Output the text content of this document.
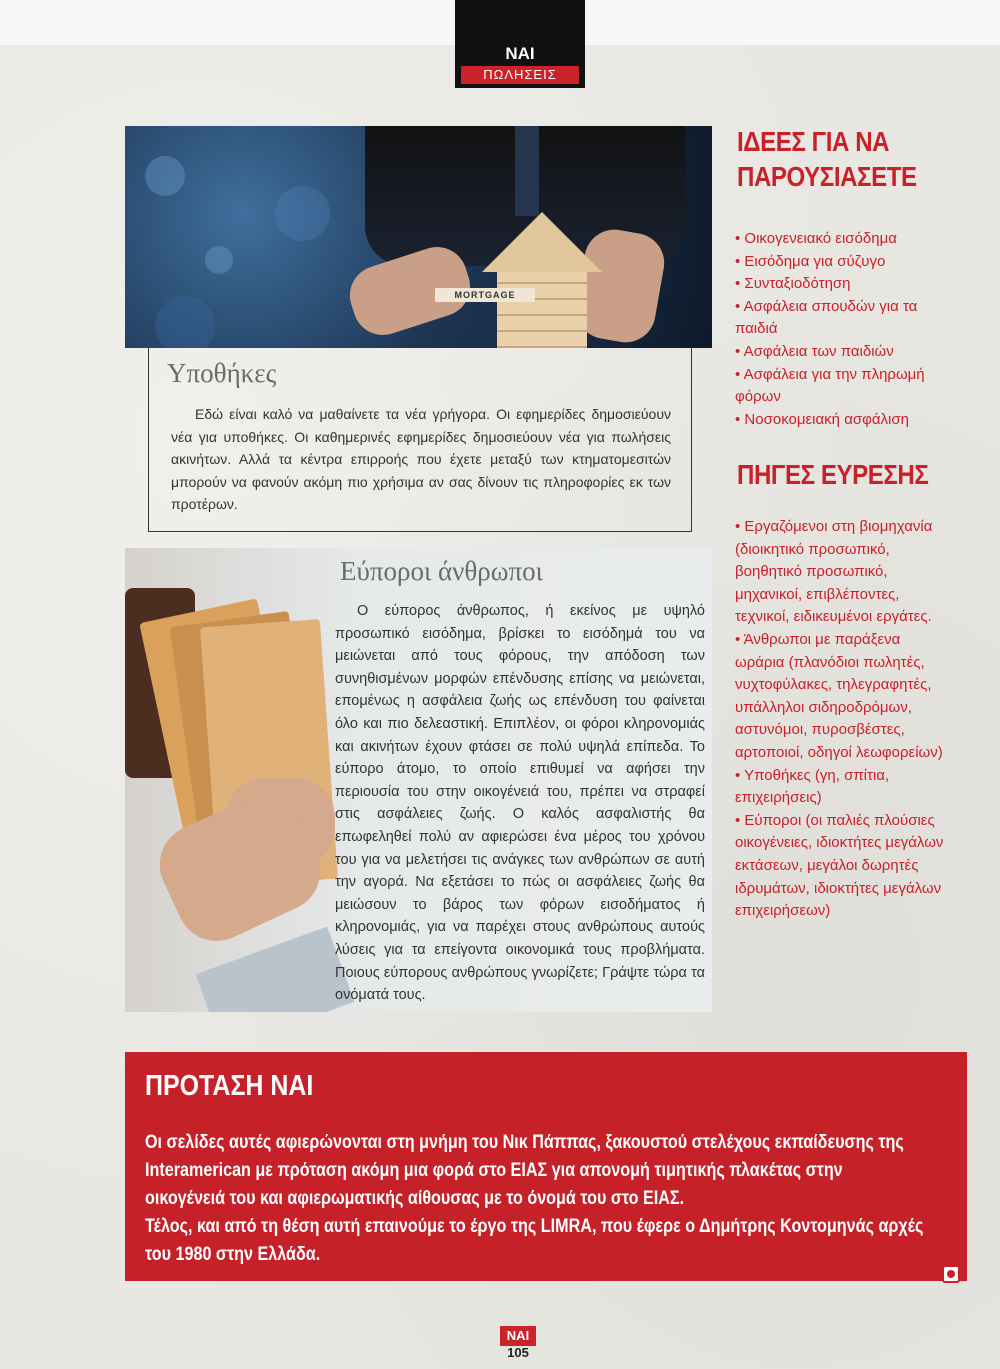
ΝΑΙ
ΠΩΛΗΣΕΙΣ
MORTGAGE
Υποθήκες
Εδώ είναι καλό να μαθαίνετε τα νέα γρήγορα. Οι εφημερίδες δημοσιεύουν νέα για υποθήκες. Οι καθημερινές εφημερίδες δημοσιεύουν νέα για πωλήσεις ακινήτων. Αλλά τα κέντρα επιρροής που έχετε μεταξύ των κτηματομεσιτών μπορούν να φανούν ακόμη πιο χρήσιμα αν σας δίνουν τις πληροφορίες εκ των προτέρων.
Εύποροι άνθρωποι
Ο εύπορος άνθρωπος, ή εκείνος με υψηλό προσωπικό εισόδημα, βρίσκει το εισόδημά του να μειώνεται από τους φόρους, την απόδοση των συνηθισμένων μορφών επένδυσης επίσης να μειώνεται, επομένως η ασφάλεια ζωής ως επένδυση του φαίνεται όλο και πιο δελεαστική. Επιπλέον, οι φόροι κληρονομιάς και ακινήτων έχουν φτάσει σε πολύ υψηλά επίπεδα. Το εύπορο άτομο, το οποίο επιθυμεί να αφήσει την περιουσία του στην οικογένειά του, πρέπει να στραφεί στις ασφάλειες ζωής. Ο καλός ασφαλιστής θα επωφεληθεί πολύ αν αφιερώσει ένα μέρος του χρόνου του για να μελετήσει τις ανάγκες των ανθρώπων σε αυτή την αγορά. Να εξετάσει το πώς οι ασφάλειες ζωής θα μειώσουν το βάρος των φόρων εισοδήματος ή κληρονομιάς, για να παρέχει στους ανθρώπους αυτούς λύσεις για τα επείγοντα οικονομικά τους προβλήματα. Ποιους εύπορους ανθρώπους γνωρίζετε; Γράψτε τώρα τα ονόματά τους.
ΙΔΕΕΣ ΓΙΑ ΝΑ
ΠΑΡΟΥΣΙΑΣΕΤΕ
• Οικογενειακό εισόδημα
• Εισόδημα για σύζυγο
• Συνταξιοδότηση
• Ασφάλεια σπουδών για τα παιδιά
• Ασφάλεια των παιδιών
• Ασφάλεια για την πληρωμή φόρων
• Νοσοκομειακή ασφάλιση
ΠΗΓΕΣ ΕΥΡΕΣΗΣ
• Εργαζόμενοι στη βιομηχανία (διοικητικό προσωπικό, βοηθητικό προσωπικό, μηχανικοί, επιβλέποντες, τεχνικοί, ειδικευμένοι εργάτες.
• Άνθρωποι με παράξενα ωράρια (πλανόδιοι πωλητές, νυχτοφύλακες, τηλεγραφητές, υπάλληλοι σιδηροδρόμων, αστυνόμοι, πυροσβέστες, αρτοποιοί, οδηγοί λεωφορείων)
• Υποθήκες (γη, σπίτια, επιχειρήσεις)
• Εύποροι (οι παλιές πλούσιες οικογένειες, ιδιοκτήτες μεγάλων εκτάσεων, μεγάλοι δωρητές ιδρυμάτων, ιδιοκτήτες μεγάλων επιχειρήσεων)
ΠΡΟΤΑΣΗ ΝΑΙ
Οι σελίδες αυτές αφιερώνονται στη μνήμη του Νικ Πάππας, ξακουστού στελέχους εκπαίδευσης της Interamerican με πρόταση ακόμη μια φορά στο ΕΙΑΣ για απονομή τιμητικής πλακέτας στην οικογένειά του και αφιερωματικής αίθουσας με το όνομά του στο ΕΙΑΣ.
Τέλος, και από τη θέση αυτή επαινούμε το έργο της LIMRA, που έφερε ο Δημήτρης Κοντομηνάς αρχές του 1980 στην Ελλάδα.
ΝΑΙ
105
